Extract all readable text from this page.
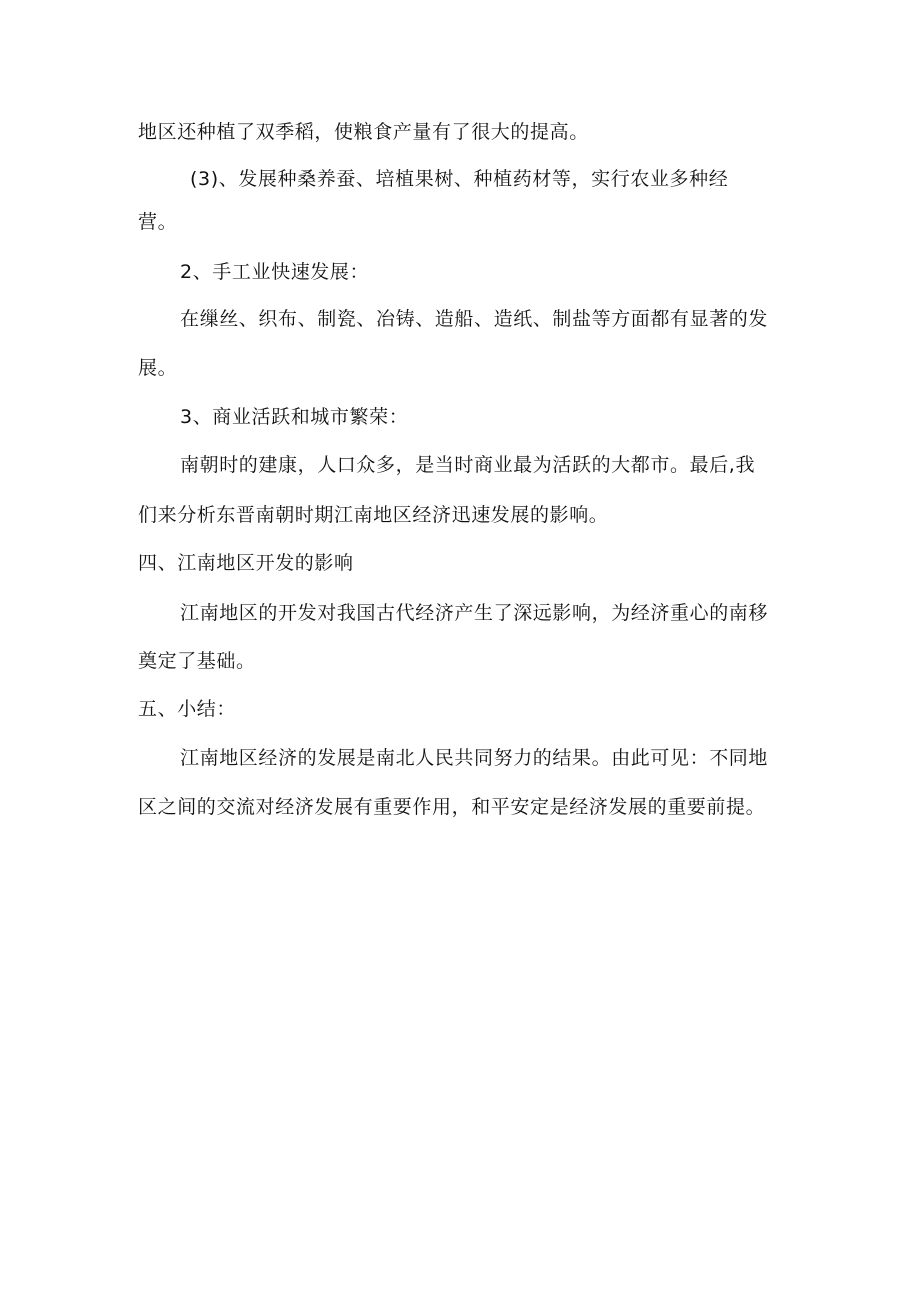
地区还种植了双季稻，使粮食产量有了很大的提高。
(3)、发展种桑养蚕、培植果树、种植药材等，实行农业多种经
营。
2、手工业快速发展：
在缫丝、织布、制瓷、冶铸、造船、造纸、制盐等方面都有显著的发
展。
3、商业活跃和城市繁荣：
南朝时的建康，人口众多，是当时商业最为活跃的大都市。最后,我
们来分析东晋南朝时期江南地区经济迅速发展的影响。
四、江南地区开发的影响
江南地区的开发对我国古代经济产生了深远影响，为经济重心的南移
奠定了基础。
五、小结：
江南地区经济的发展是南北人民共同努力的结果。由此可见：不同地
区之间的交流对经济发展有重要作用，和平安定是经济发展的重要前提。
